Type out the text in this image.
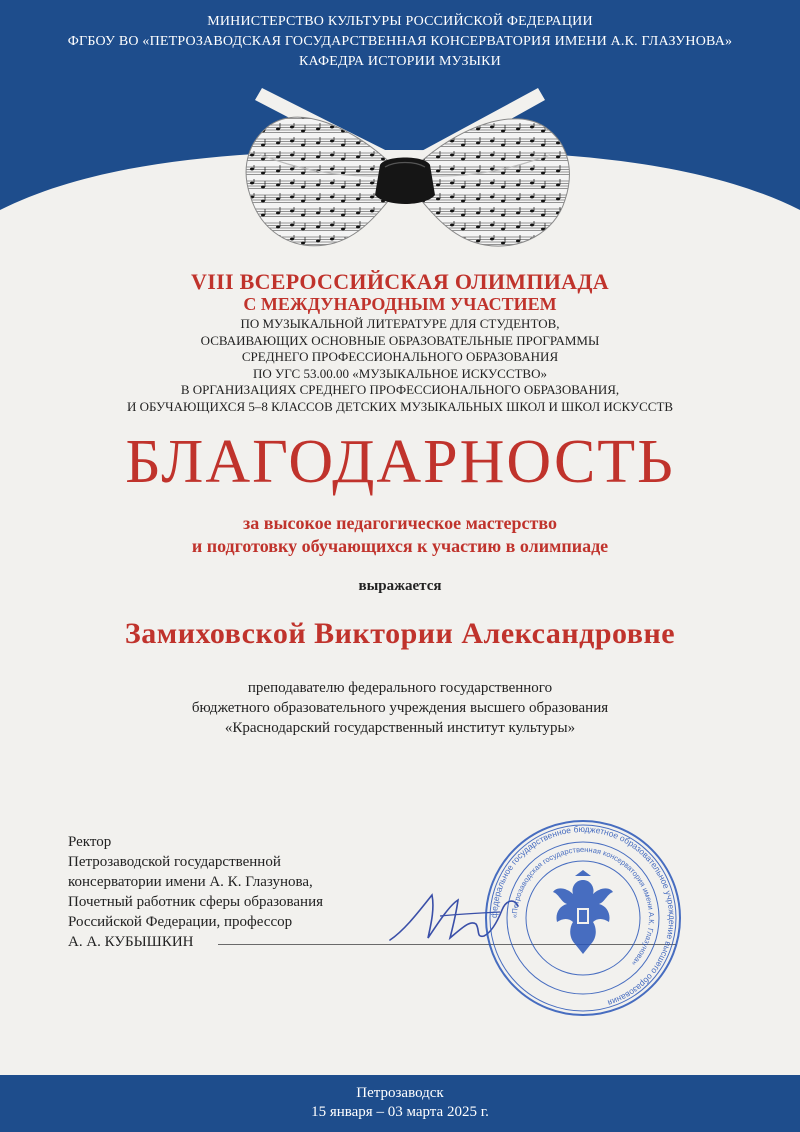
МИНИСТЕРСТВО КУЛЬТУРЫ РОССИЙСКОЙ ФЕДЕРАЦИИ
ФГБОУ ВО «ПЕТРОЗАВОДСКАЯ ГОСУДАРСТВЕННАЯ КОНСЕРВАТОРИЯ ИМЕНИ А.К. ГЛАЗУНОВА»
КАФЕДРА ИСТОРИИ МУЗЫКИ
VIII ВСЕРОССИЙСКАЯ ОЛИМПИАДА
С МЕЖДУНАРОДНЫМ УЧАСТИЕМ
ПО МУЗЫКАЛЬНОЙ ЛИТЕРАТУРЕ ДЛЯ СТУДЕНТОВ,
ОСВАИВАЮЩИХ ОСНОВНЫЕ ОБРАЗОВАТЕЛЬНЫЕ ПРОГРАММЫ
СРЕДНЕГО ПРОФЕССИОНАЛЬНОГО ОБРАЗОВАНИЯ
ПО УГС 53.00.00 «МУЗЫКАЛЬНОЕ ИСКУССТВО»
В ОРГАНИЗАЦИЯХ СРЕДНЕГО ПРОФЕССИОНАЛЬНОГО ОБРАЗОВАНИЯ,
И ОБУЧАЮЩИХСЯ 5–8 КЛАССОВ ДЕТСКИХ МУЗЫКАЛЬНЫХ ШКОЛ И ШКОЛ ИСКУССТВ
БЛАГОДАРНОСТЬ
за высокое педагогическое мастерство
и подготовку обучающихся к участию в олимпиаде
выражается
Замиховской Виктории Александровне
преподавателю федерального государственного
бюджетного образовательного учреждения высшего образования
«Краснодарский государственный институт культуры»
Ректор
Петрозаводской государственной
консерватории имени А. К. Глазунова,
Почетный работник сферы образования
Российской Федерации, профессор
А. А. КУБЫШКИН
федеральное государственное бюджетное образовательное учреждение высшего образования
«Петрозаводская государственная консерватория имени А.К. Глазунова»
Петрозаводск
15 января – 03 марта 2025 г.
